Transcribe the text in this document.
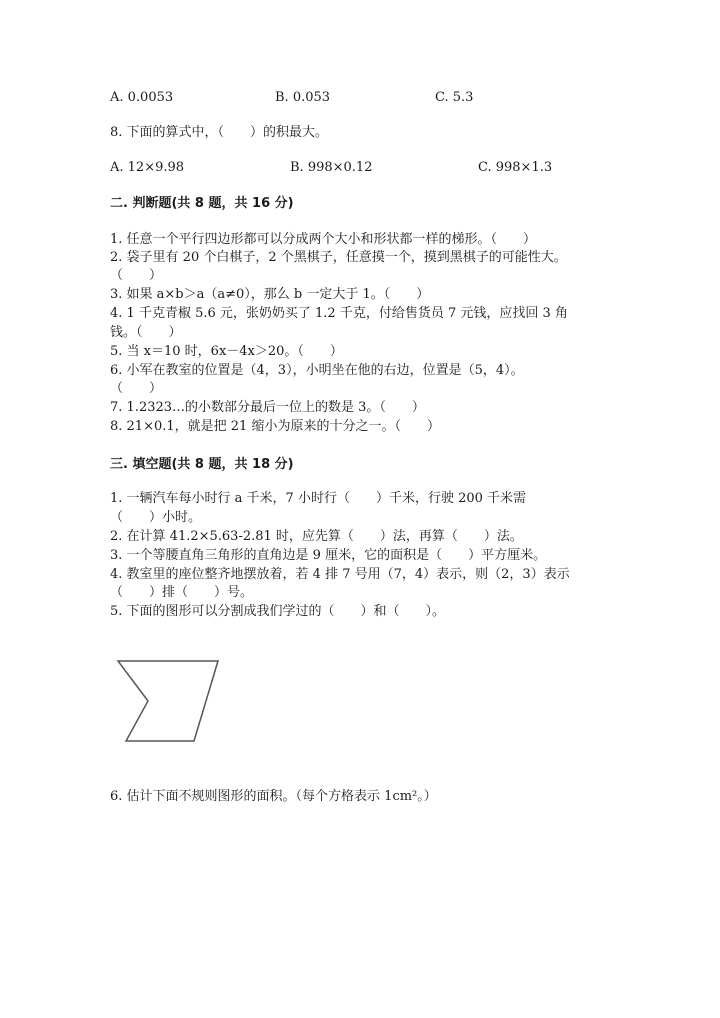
A. 0.0053	B. 0.053	C. 5.3
8. 下面的算式中，（　　）的积最大。
A. 12×9.98	B. 998×0.12	C. 998×1.3
二. 判断题(共 8 题，共 16 分)
1. 任意一个平行四边形都可以分成两个大小和形状都一样的梯形。（　　）
2. 袋子里有 20 个白棋子，2 个黑棋子，任意摸一个，摸到黑棋子的可能性大。
（　　）
3. 如果 a×b＞a（a≠0），那么 b 一定大于 1。（　　）
4. 1 千克青椒 5.6 元，张奶奶买了 1.2 千克，付给售货员 7 元钱，应找回 3 角
钱。（　　）
5. 当 x＝10 时，6x－4x＞20。（　　）
6. 小军在教室的位置是（4，3），小明坐在他的右边，位置是（5，4）。
（　　）
7. 1.2323…的小数部分最后一位上的数是 3。（　　）
8. 21×0.1，就是把 21 缩小为原来的十分之一。（　　）
三. 填空题(共 8 题，共 18 分)
1. 一辆汽车每小时行 a 千米，7 小时行（　　）千米，行驶 200 千米需
（　　）小时。
2. 在计算 41.2×5.63-2.81 时，应先算（　　）法，再算（　　）法。
3. 一个等腰直角三角形的直角边是 9 厘米，它的面积是（　　）平方厘米。
4. 教室里的座位整齐地摆放着，若 4 排 7 号用（7，4）表示，则（2，3）表示
（　　）排（　　）号。
5. 下面的图形可以分割成我们学过的（　　）和（　　）。
6. 估计下面不规则图形的面积。（每个方格表示 1cm²。）
